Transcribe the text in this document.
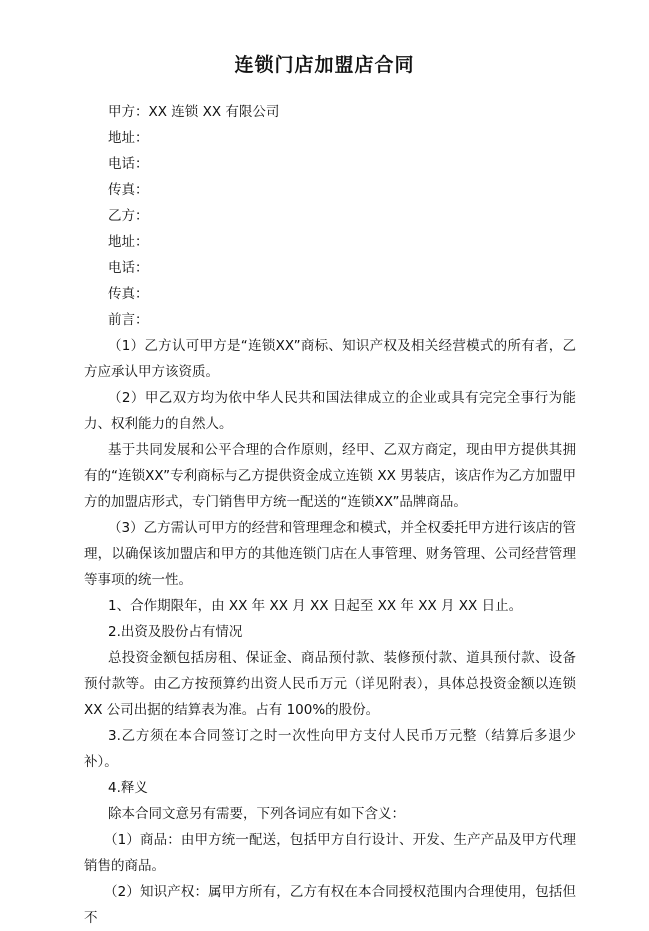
连锁门店加盟店合同
甲方：XX 连锁 XX 有限公司
地址：
电话：
传真：
乙方：
地址：
电话：
传真：
前言：

（1）乙方认可甲方是“连锁XX”商标、知识产权及相关经营模式的所有者，乙方应承认甲方该资质。

（2）甲乙双方均为依中华人民共和国法律成立的企业或具有完完全事行为能力、权利能力的自然人。

基于共同发展和公平合理的合作原则，经甲、乙双方商定，现由甲方提供其拥有的“连锁XX”专利商标与乙方提供资金成立连锁 XX 男装店，该店作为乙方加盟甲方的加盟店形式，专门销售甲方统一配送的“连锁XX”品牌商品。

（3）乙方需认可甲方的经营和管理理念和模式，并全权委托甲方进行该店的管理，以确保该加盟店和甲方的其他连锁门店在人事管理、财务管理、公司经营管理等事项的统一性。

1、合作期限年，由 XX 年 XX 月 XX 日起至 XX 年 XX 月 XX 日止。

2.出资及股份占有情况

总投资金额包括房租、保证金、商品预付款、装修预付款、道具预付款、设备预付款等。由乙方按预算约出资人民币万元（详见附表），具体总投资金额以连锁 XX 公司出据的结算表为准。占有 100%的股份。

3.乙方须在本合同签订之时一次性向甲方支付人民币万元整（结算后多退少补）。

4.释义

除本合同文意另有需要，下列各词应有如下含义：

（1）商品：由甲方统一配送，包括甲方自行设计、开发、生产产品及甲方代理销售的商品。

（2）知识产权：属甲方所有，乙方有权在本合同授权范围内合理使用，包括但不
